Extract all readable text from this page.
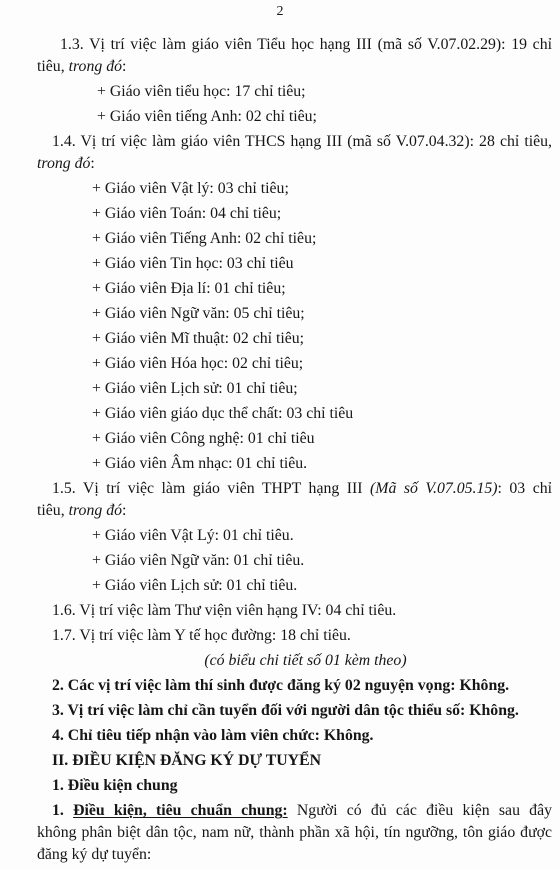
2
1.3. Vị trí việc làm giáo viên Tiểu học hạng III (mã số V.07.02.29): 19 chỉ
tiêu, trong đó:
+ Giáo viên tiểu học: 17 chỉ tiêu;
+ Giáo viên tiếng Anh: 02 chỉ tiêu;
1.4. Vị trí việc làm giáo viên THCS hạng III (mã số V.07.04.32): 28 chỉ tiêu,
trong đó:
+ Giáo viên Vật lý: 03 chỉ tiêu;
+ Giáo viên Toán: 04 chỉ tiêu;
+ Giáo viên Tiếng Anh: 02 chỉ tiêu;
+ Giáo viên Tin học: 03 chỉ tiêu
+ Giáo viên Địa lí: 01 chỉ tiêu;
+ Giáo viên Ngữ văn: 05 chỉ tiêu;
+ Giáo viên Mĩ thuật: 02 chỉ tiêu;
+ Giáo viên Hóa học: 02 chỉ tiêu;
+ Giáo viên Lịch sử: 01 chỉ tiêu;
+ Giáo viên giáo dục thể chất: 03 chỉ tiêu
+ Giáo viên Công nghệ: 01 chỉ tiêu
+ Giáo viên Âm nhạc: 01 chỉ tiêu.
1.5. Vị trí việc làm giáo viên THPT hạng III (Mã số V.07.05.15): 03 chỉ
tiêu, trong đó:
+ Giáo viên Vật Lý: 01 chỉ tiêu.
+ Giáo viên Ngữ văn: 01 chỉ tiêu.
+ Giáo viên Lịch sử: 01 chỉ tiêu.
1.6. Vị trí việc làm Thư viện viên hạng IV: 04 chỉ tiêu.
1.7. Vị trí việc làm Y tế học đường: 18 chỉ tiêu.
(có biểu chi tiết số 01 kèm theo)
2. Các vị trí việc làm thí sinh được đăng ký 02 nguyện vọng: Không.
3. Vị trí việc làm chỉ cần tuyển đối với người dân tộc thiểu số: Không.
4. Chỉ tiêu tiếp nhận vào làm viên chức: Không.
II. ĐIỀU KIỆN ĐĂNG KÝ DỰ TUYỂN
1. Điều kiện chung
1. Điều kiện, tiêu chuẩn chung: Người có đủ các điều kiện sau đây
không phân biệt dân tộc, nam nữ, thành phần xã hội, tín ngưỡng, tôn giáo được
đăng ký dự tuyển:
